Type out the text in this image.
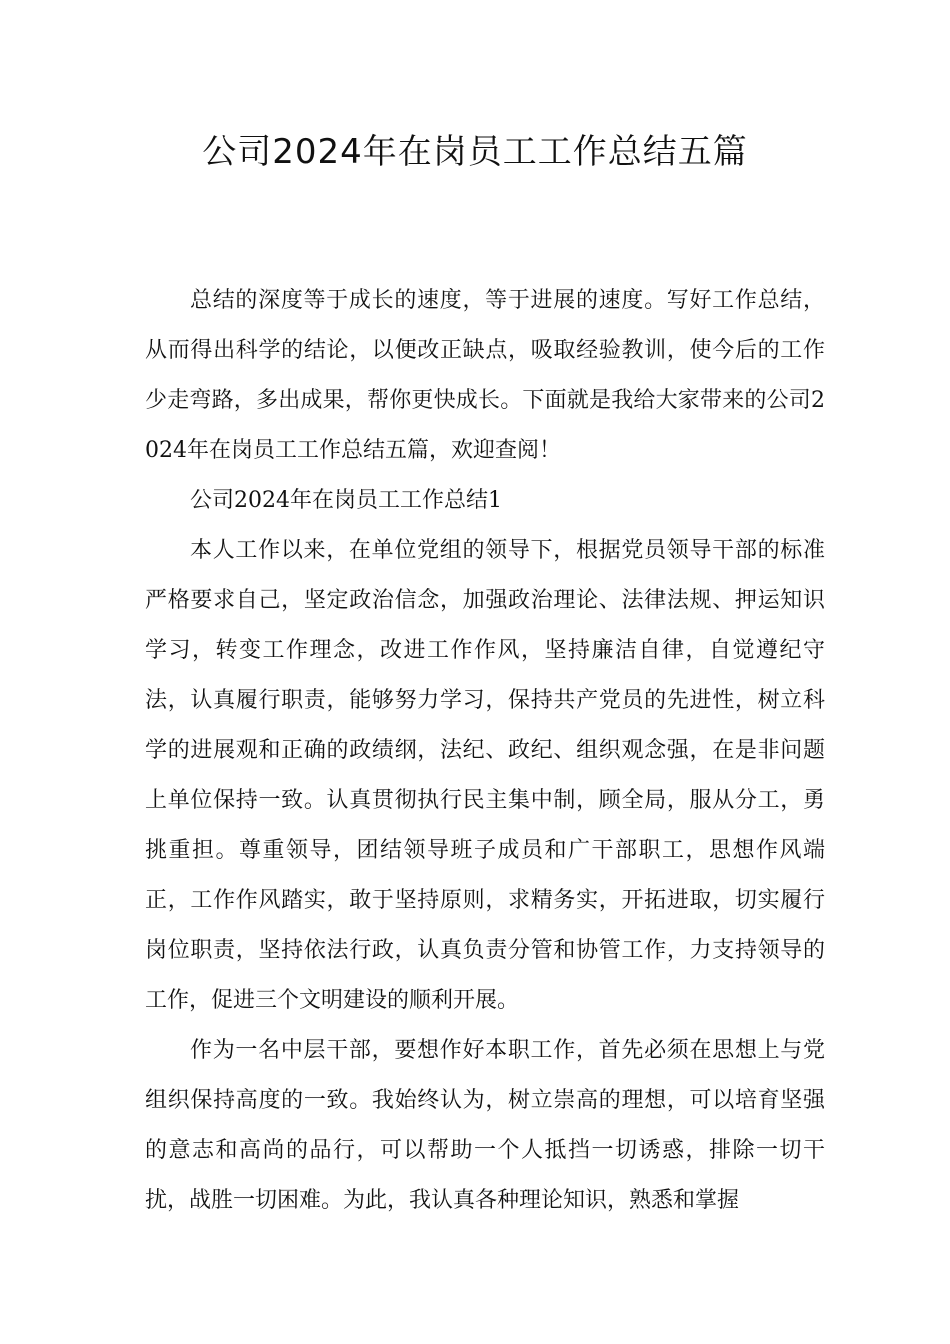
公司2024年在岗员工工作总结五篇

总结的深度等于成长的速度，等于进展的速度。写好工作总结，从而得出科学的结论，以便改正缺点，吸取经验教训，使今后的工作少走弯路，多出成果，帮你更快成长。下面就是我给大家带来的公司2024年在岗员工工作总结五篇，欢迎查阅！

公司2024年在岗员工工作总结1

本人工作以来，在单位党组的领导下，根据党员领导干部的标准严格要求自己，坚定政治信念，加强政治理论、法律法规、押运知识学习，转变工作理念，改进工作作风，坚持廉洁自律，自觉遵纪守法，认真履行职责，能够努力学习，保持共产党员的先进性，树立科学的进展观和正确的政绩纲，法纪、政纪、组织观念强，在是非问题上单位保持一致。认真贯彻执行民主集中制，顾全局，服从分工，勇挑重担。尊重领导，团结领导班子成员和广干部职工，思想作风端正，工作作风踏实，敢于坚持原则，求精务实，开拓进取，切实履行岗位职责，坚持依法行政，认真负责分管和协管工作，力支持领导的工作，促进三个文明建设的顺利开展。

作为一名中层干部，要想作好本职工作，首先必须在思想上与党组织保持高度的一致。我始终认为，树立崇高的理想，可以培育坚强的意志和高尚的品行，可以帮助一个人抵挡一切诱惑，排除一切干扰，战胜一切困难。为此，我认真各种理论知识，熟悉和掌握
